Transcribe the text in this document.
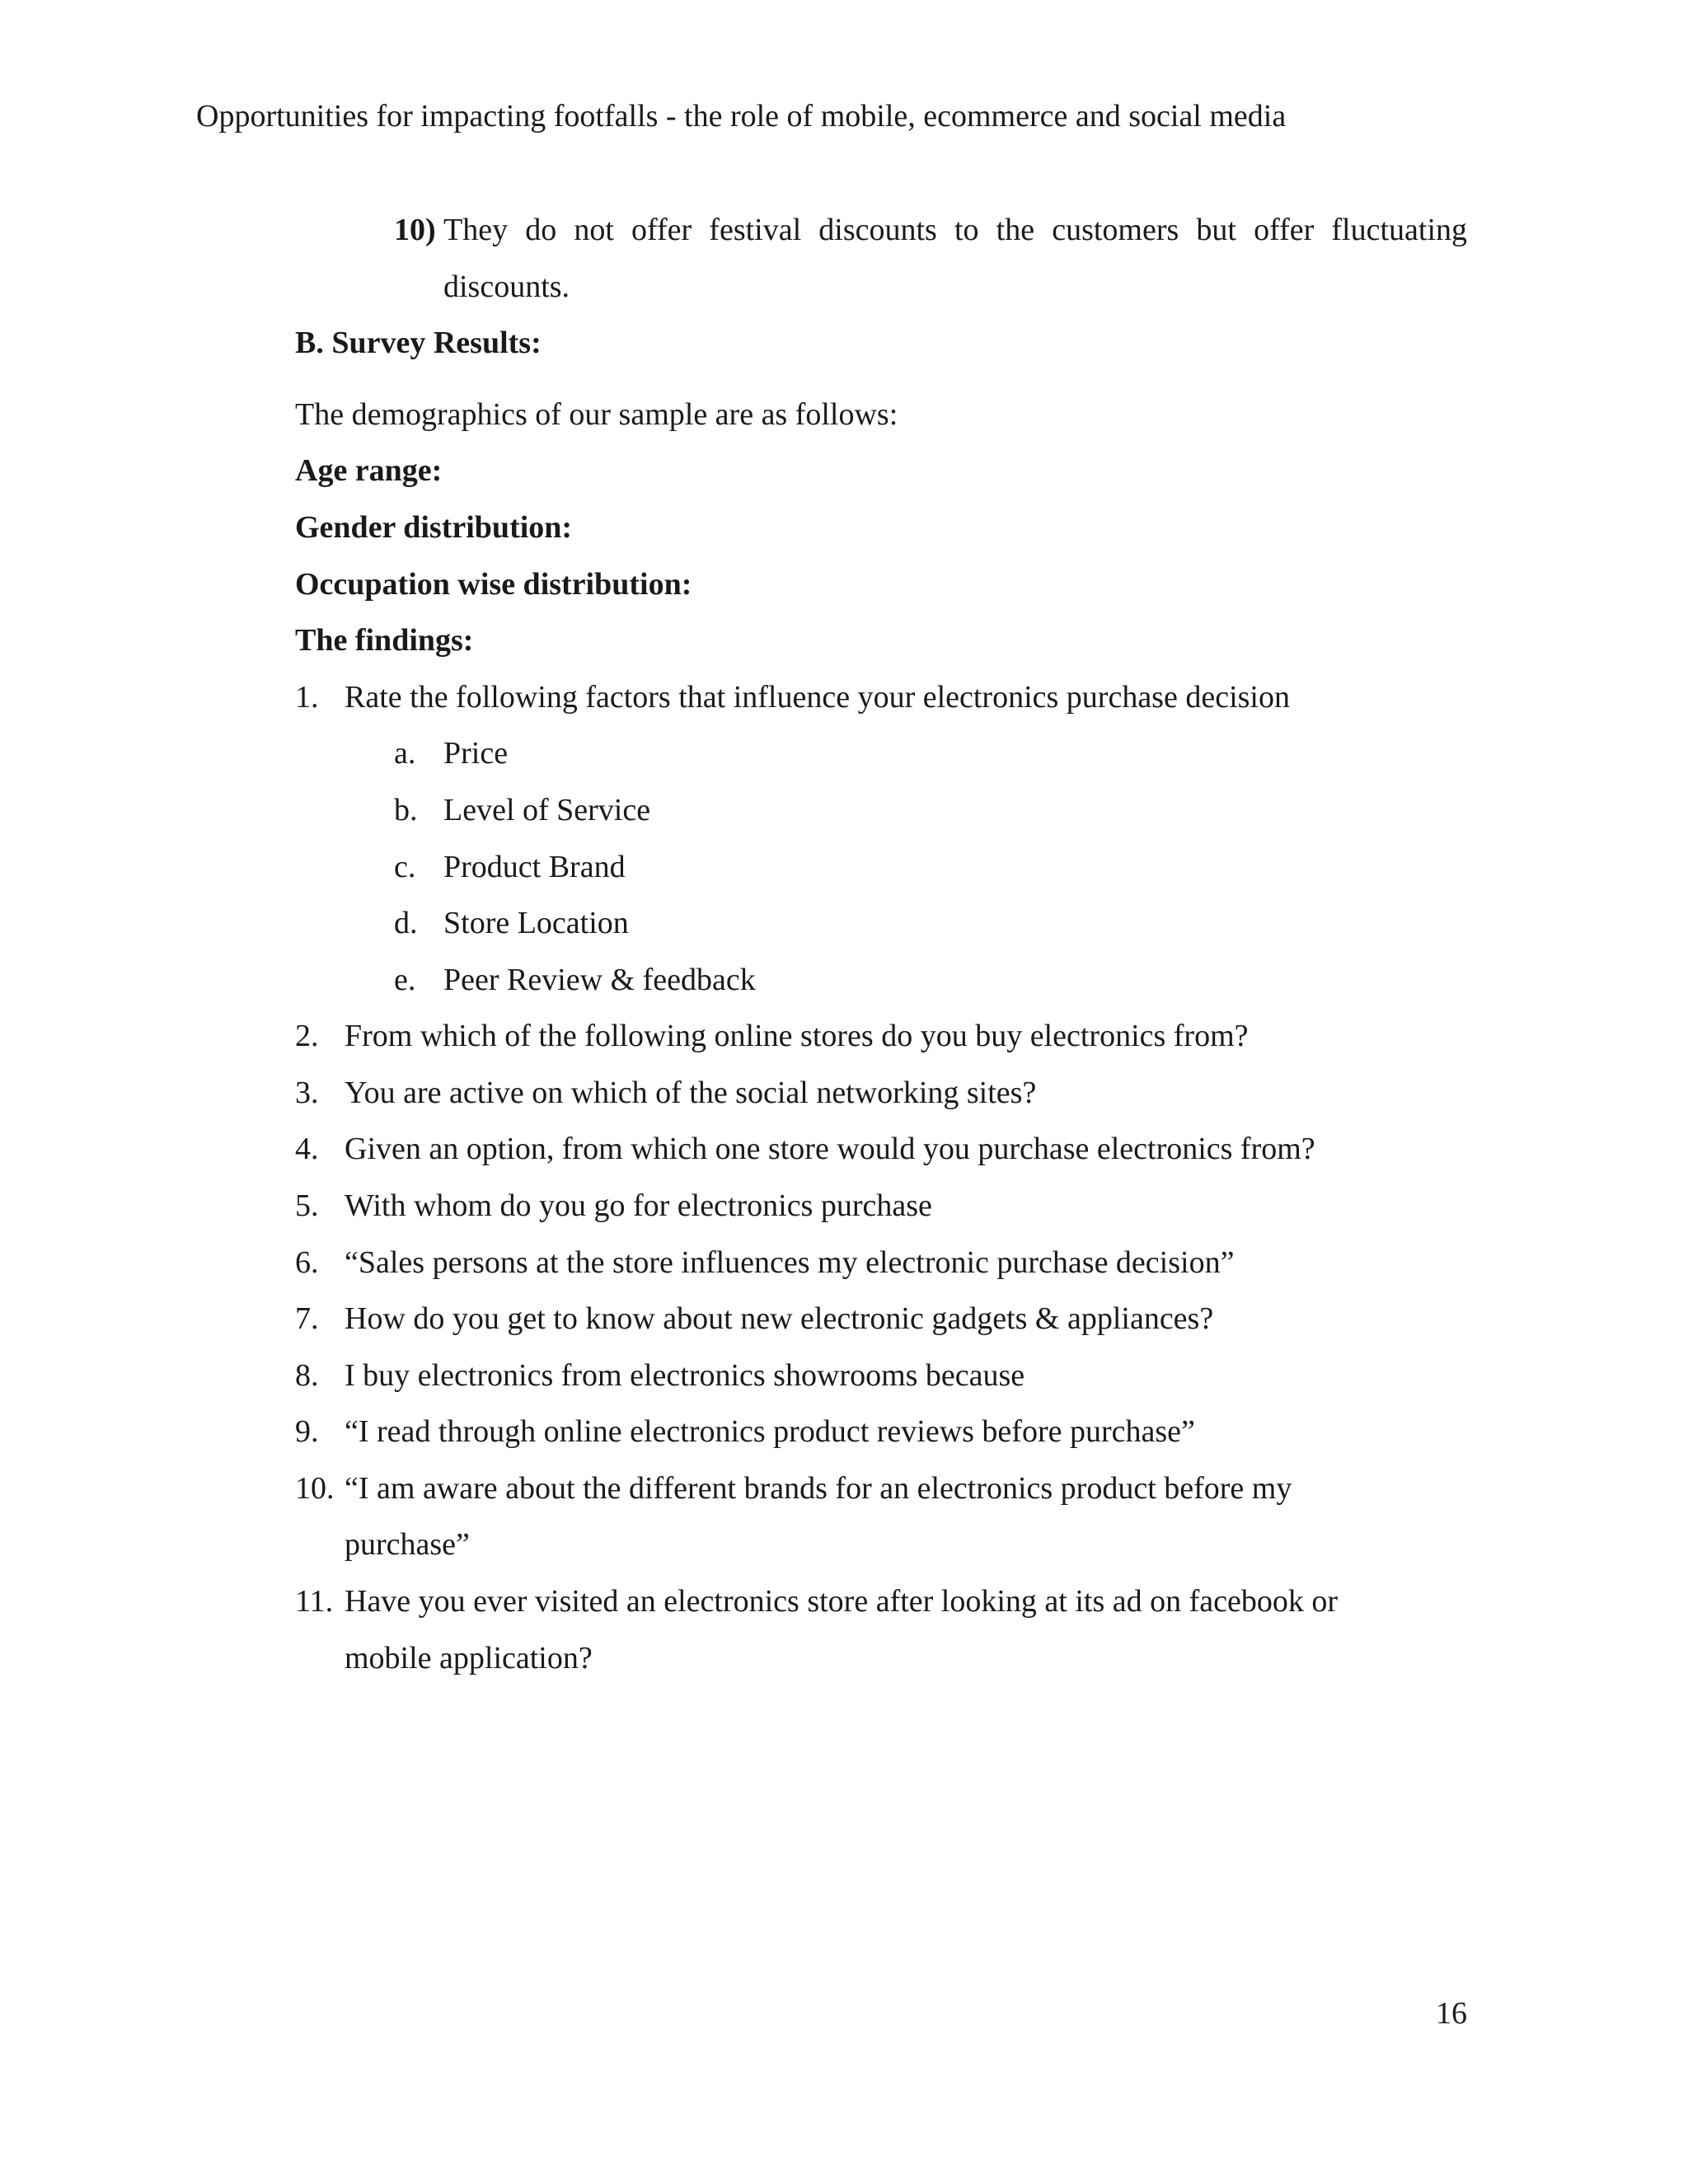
Opportunities for impacting footfalls - the role of mobile, ecommerce and social media
10) They do not offer festival discounts to the customers but offer fluctuating
discounts.
B. Survey Results:
The demographics of our sample are as follows:
Age range:
Gender distribution:
Occupation wise distribution:
The findings:
1. Rate the following factors that influence your electronics purchase decision
a. Price
b. Level of Service
c. Product Brand
d. Store Location
e. Peer Review & feedback
2. From which of the following online stores do you buy electronics from?
3. You are active on which of the social networking sites?
4. Given an option, from which one store would you purchase electronics from?
5. With whom do you go for electronics purchase
6. “Sales persons at the store influences my electronic purchase decision”
7. How do you get to know about new electronic gadgets & appliances?
8. I buy electronics from electronics showrooms because
9. “I read through online electronics product reviews before purchase”
10. “I am aware about the different brands for an electronics product before my
purchase”
11. Have you ever visited an electronics store after looking at its ad on facebook or
mobile application?
16
